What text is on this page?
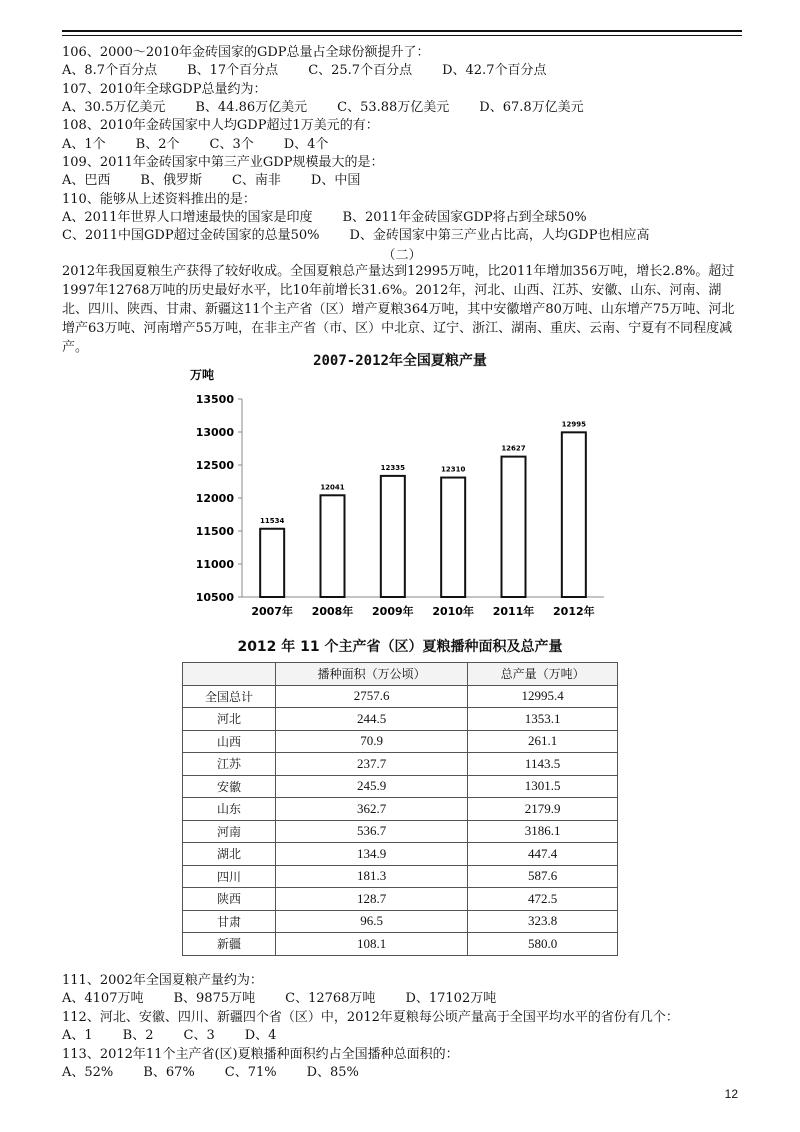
106、2000～2010年金砖国家的GDP总量占全球份额提升了：
A、8.7个百分点 B、17个百分点 C、25.7个百分点 D、42.7个百分点
107、2010年全球GDP总量约为：
A、30.5万亿美元 B、44.86万亿美元 C、53.88万亿美元 D、67.8万亿美元
108、2010年金砖国家中人均GDP超过1万美元的有：
A、1个 B、2个 C、3个 D、4个
109、2011年金砖国家中第三产业GDP规模最大的是：
A、巴西 B、俄罗斯 C、南非 D、中国
110、能够从上述资料推出的是：
A、2011年世界人口增速最快的国家是印度 B、2011年金砖国家GDP将占到全球50%
C、2011中国GDP超过金砖国家的总量50% D、金砖国家中第三产业占比高，人均GDP也相应高
（二）
2012年我国夏粮生产获得了较好收成。全国夏粮总产量达到12995万吨，比2011年增加356万吨，增长2.8%。超过1997年12768万吨的历史最好水平，比10年前增长31.6%。2012年，河北、山西、江苏、安徽、山东、河南、湖北、四川、陕西、甘肃、新疆这11个主产省（区）增产夏粮364万吨，其中安徽增产80万吨、山东增产75万吨、河北增产63万吨、河南增产55万吨，在非主产省（市、区）中北京、辽宁、浙江、湖南、重庆、云南、宁夏有不同程度减产。
2007-2012年全国夏粮产量
万吨
10500
11000
11500
12000
12500
13000
13500
11534
2007年
12041
2008年
12335
2009年
12310
2010年
12627
2011年
12995
2012年
2012 年 11 个主产省（区）夏粮播种面积及总产量
	播种面积（万公顷）	总产量（万吨）
全国总计	2757.6	12995.4
河北	244.5	1353.1
山西	70.9	261.1
江苏	237.7	1143.5
安徽	245.9	1301.5
山东	362.7	2179.9
河南	536.7	3186.1
湖北	134.9	447.4
四川	181.3	587.6
陕西	128.7	472.5
甘肃	96.5	323.8
新疆	108.1	580.0
111、2002年全国夏粮产量约为：
A、4107万吨 B、9875万吨 C、12768万吨 D、17102万吨
112、河北、安徽、四川、新疆四个省（区）中，2012年夏粮每公顷产量高于全国平均水平的省份有几个：
A、1 B、2 C、3 D、4
113、2012年11个主产省(区)夏粮播种面积约占全国播种总面积的：
A、52% B、67% C、71% D、85%
12
